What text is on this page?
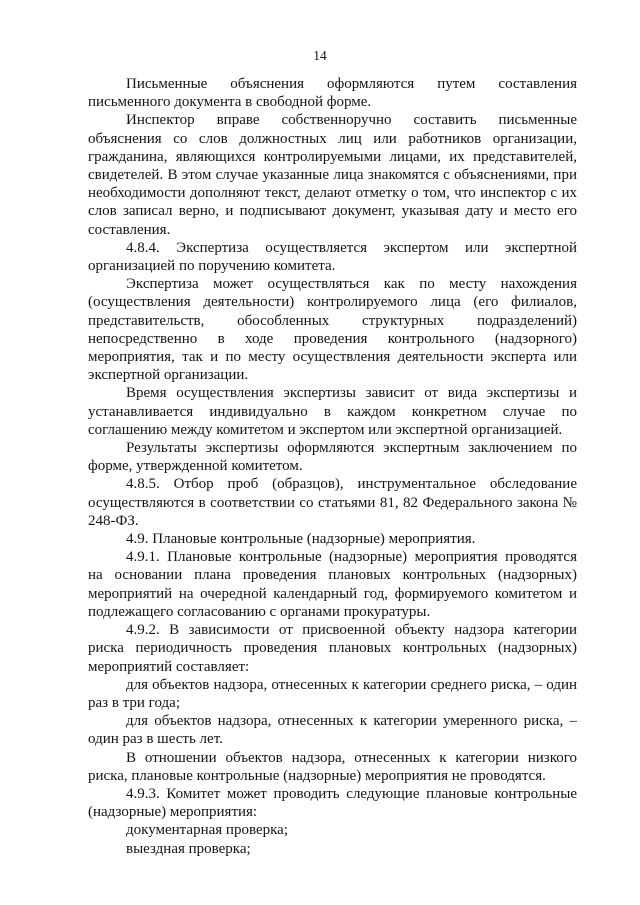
14

Письменные объяснения оформляются путем составления письменного документа в свободной форме.

Инспектор вправе собственноручно составить письменные объяснения со слов должностных лиц или работников организации, гражданина, являющихся контролируемыми лицами, их представителей, свидетелей. В этом случае указанные лица знакомятся с объяснениями, при необходимости дополняют текст, делают отметку о том, что инспектор с их слов записал верно, и подписывают документ, указывая дату и место его составления.

4.8.4. Экспертиза осуществляется экспертом или экспертной организацией по поручению комитета.

Экспертиза может осуществляться как по месту нахождения (осуществления деятельности) контролируемого лица (его филиалов, представительств, обособленных структурных подразделений) непосредственно в ходе проведения контрольного (надзорного) мероприятия, так и по месту осуществления деятельности эксперта или экспертной организации.

Время осуществления экспертизы зависит от вида экспертизы и устанавливается индивидуально в каждом конкретном случае по соглашению между комитетом и экспертом или экспертной организацией.

Результаты экспертизы оформляются экспертным заключением по форме, утвержденной комитетом.

4.8.5. Отбор проб (образцов), инструментальное обследование осуществляются в соответствии со статьями 81, 82 Федерального закона № 248-ФЗ.

4.9. Плановые контрольные (надзорные) мероприятия.

4.9.1. Плановые контрольные (надзорные) мероприятия проводятся на основании плана проведения плановых контрольных (надзорных) мероприятий на очередной календарный год, формируемого комитетом и подлежащего согласованию с органами прокуратуры.

4.9.2. В зависимости от присвоенной объекту надзора категории риска периодичность проведения плановых контрольных (надзорных) мероприятий составляет:

для объектов надзора, отнесенных к категории среднего риска, – один раз в три года;

для объектов надзора, отнесенных к категории умеренного риска, – один раз в шесть лет.

В отношении объектов надзора, отнесенных к категории низкого риска, плановые контрольные (надзорные) мероприятия не проводятся.

4.9.3. Комитет может проводить следующие плановые контрольные (надзорные) мероприятия:

документарная проверка;

выездная проверка;
